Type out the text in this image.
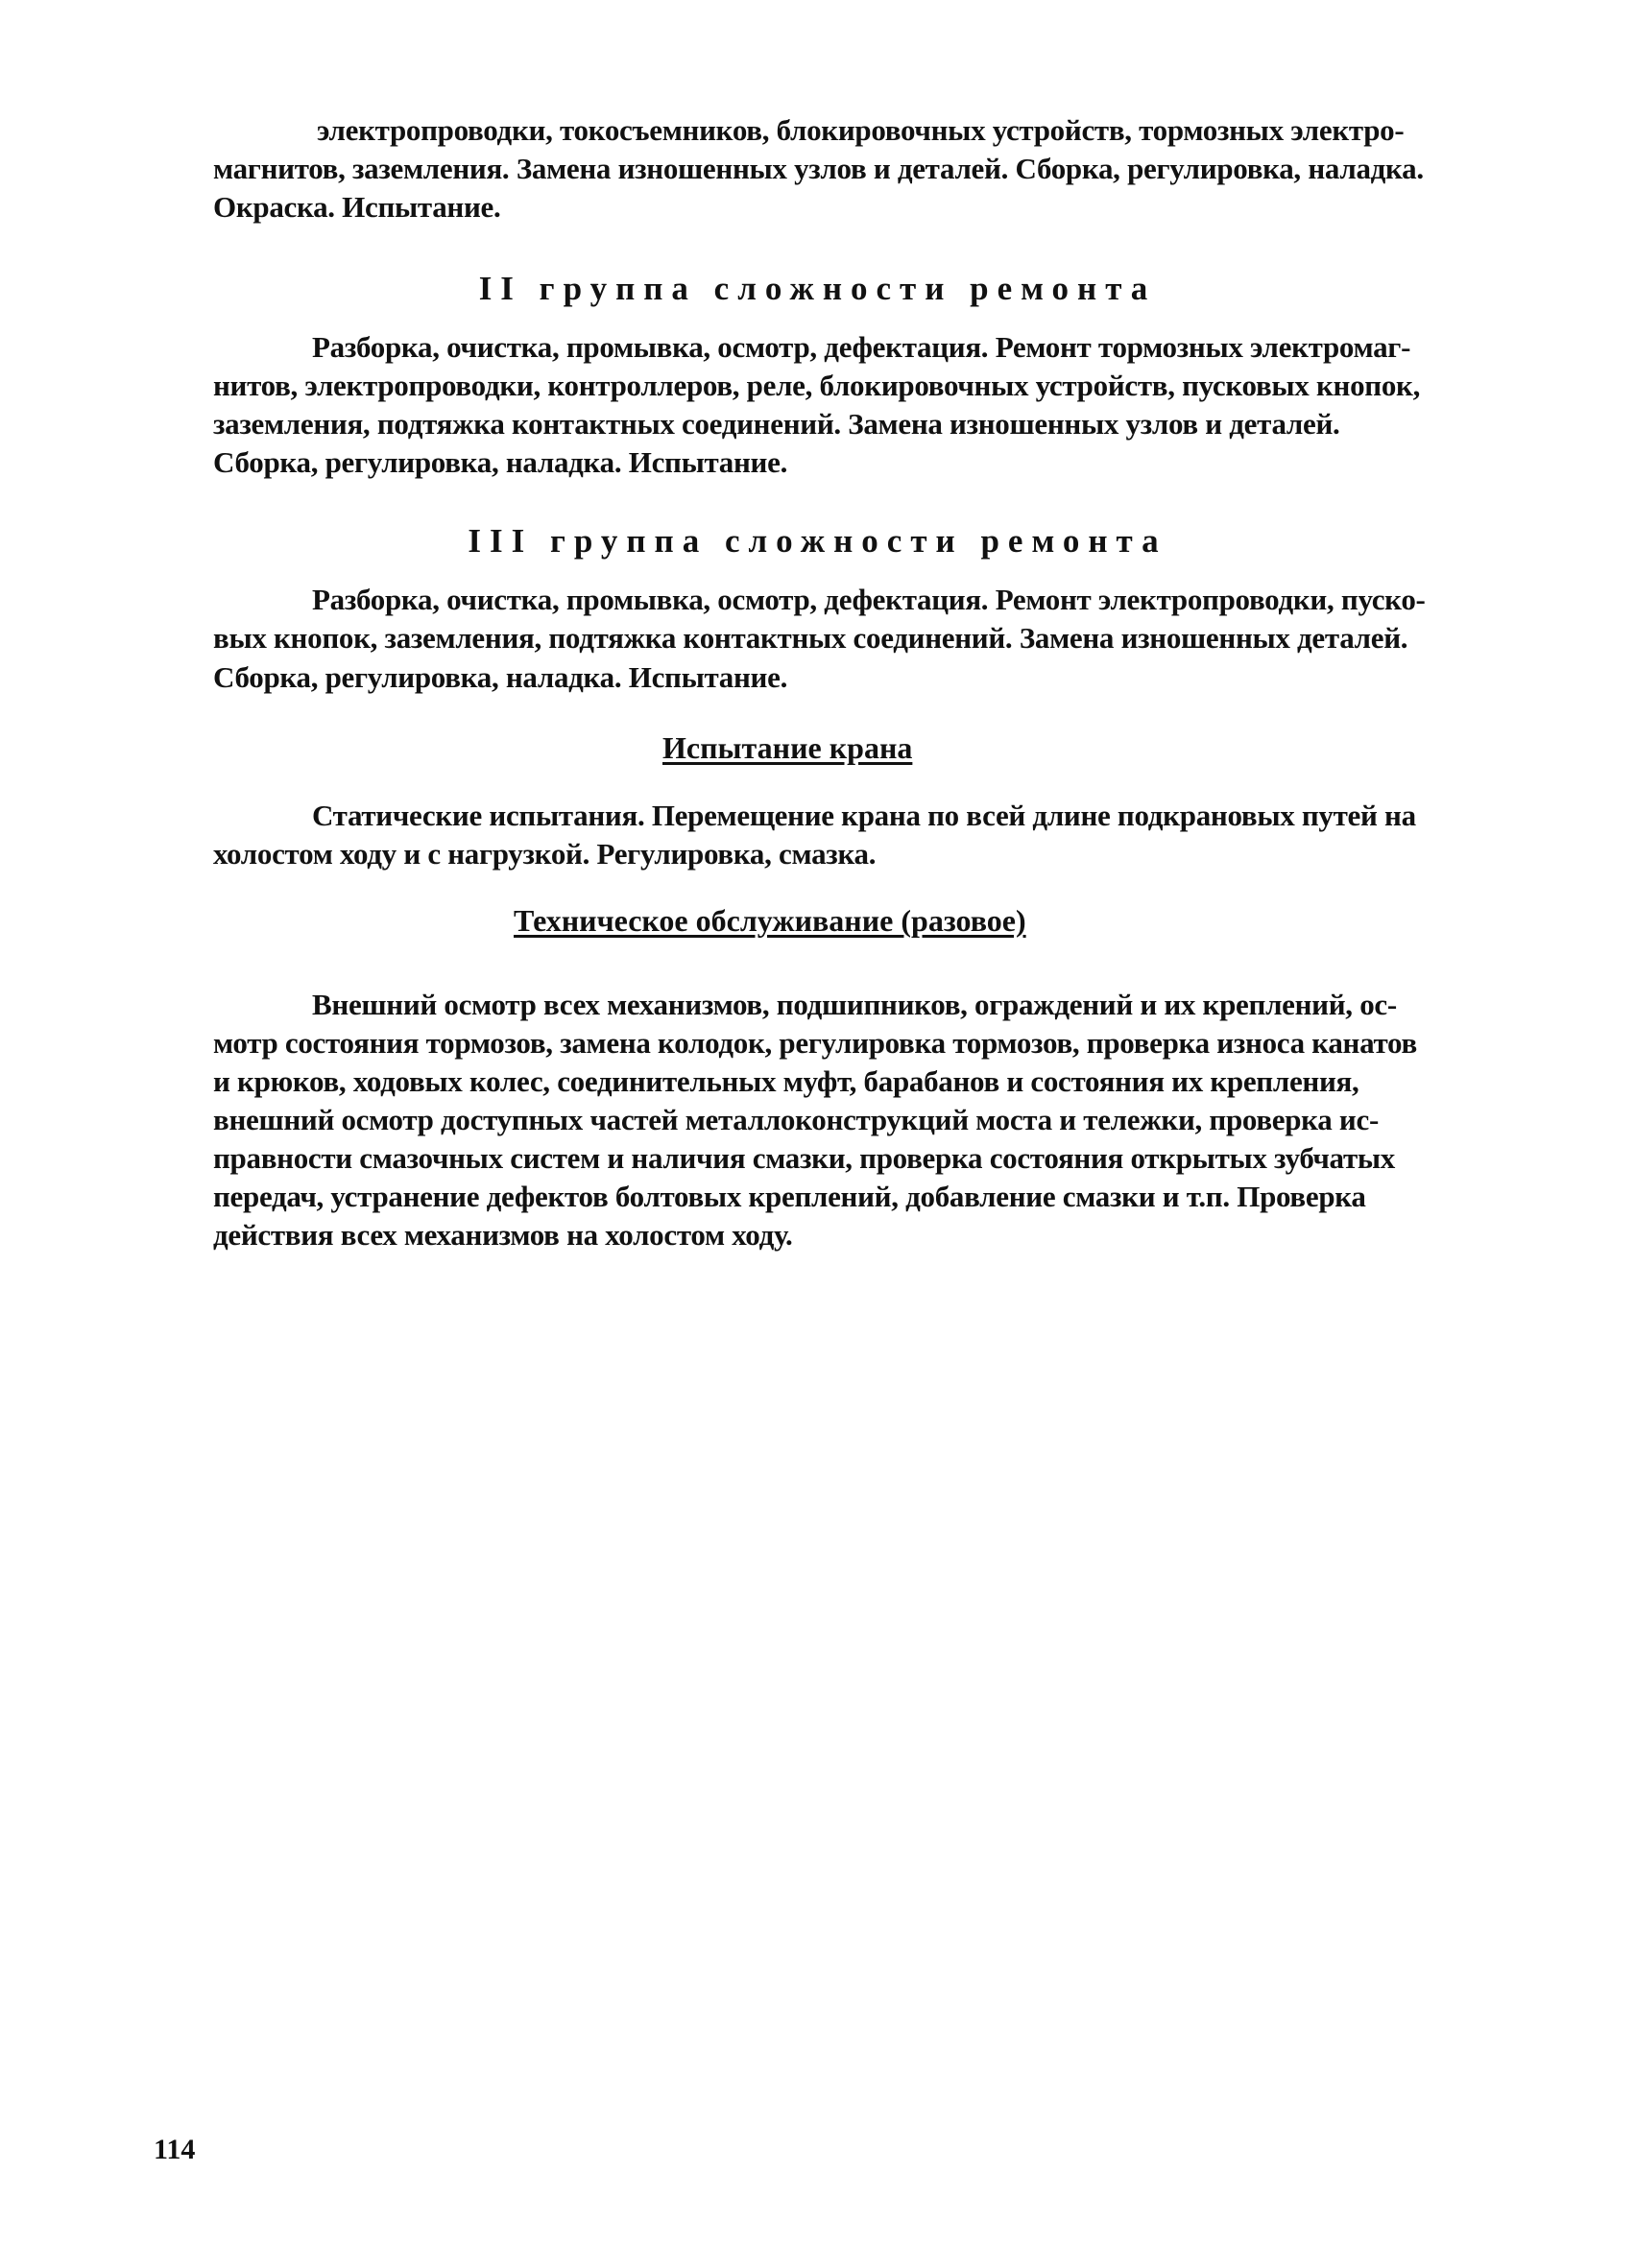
электропроводки, токосъемников, блокировочных устройств, тормозных электро-

магнитов, заземления. Замена изношенных узлов и деталей. Сборка, регулировка, наладка.

Окраска. Испытание.

II группа сложности ремонта

Разборка, очистка, промывка, осмотр, дефектация. Ремонт тормозных электромаг-

нитов, электропроводки, контроллеров, реле, блокировочных устройств, пусковых кнопок,

заземления, подтяжка контактных соединений. Замена изношенных узлов и деталей.

Сборка, регулировка, наладка. Испытание.

III группа сложности ремонта

Разборка, очистка, промывка, осмотр, дефектация. Ремонт электропроводки, пуско-

вых кнопок, заземления, подтяжка контактных соединений. Замена изношенных деталей.

Сборка, регулировка, наладка. Испытание.

Испытание крана

Статические испытания. Перемещение крана по всей длине подкрановых путей на

холостом ходу и с нагрузкой. Регулировка, смазка.

Техническое обслуживание (разовое)

Внешний осмотр всех механизмов, подшипников, ограждений и их креплений, ос-

мотр состояния тормозов, замена колодок, регулировка тормозов, проверка износа канатов

и крюков, ходовых колес, соединительных муфт, барабанов и состояния их крепления,

внешний осмотр доступных частей металлоконструкций моста и тележки, проверка ис-

правности смазочных систем и наличия смазки, проверка состояния открытых зубчатых

передач, устранение дефектов болтовых креплений, добавление смазки и т.п. Проверка

действия всех механизмов на холостом ходу.

114
